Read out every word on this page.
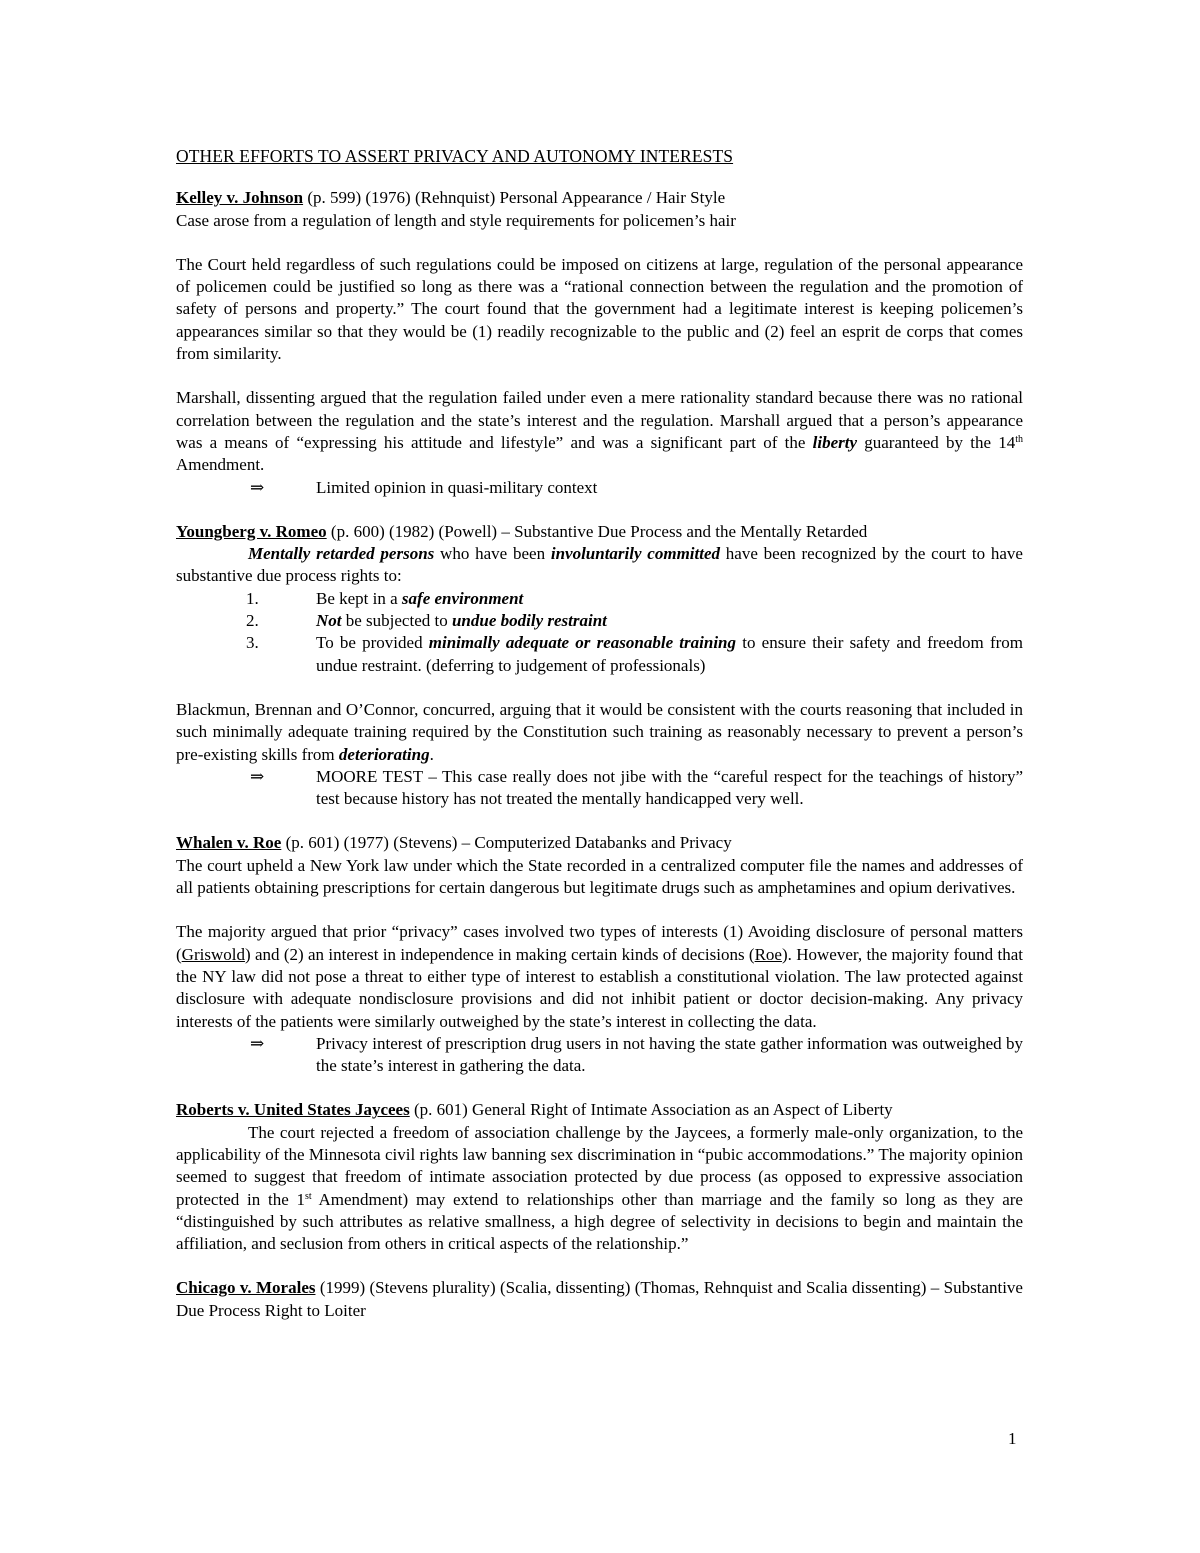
OTHER EFFORTS TO ASSERT PRIVACY AND AUTONOMY INTERESTS

Kelley v. Johnson (p. 599) (1976) (Rehnquist) Personal Appearance / Hair Style

Case arose from a regulation of length and style requirements for policemen’s hair

The Court held regardless of such regulations could be imposed on citizens at large, regulation of the personal appearance of policemen could be justified so long as there was a “rational connection between the regulation and the promotion of safety of persons and property.” The court found that the government had a legitimate interest is keeping policemen’s appearances similar so that they would be (1) readily recognizable to the public and (2) feel an esprit de corps that comes from similarity.

Marshall, dissenting argued that the regulation failed under even a mere rationality standard because there was no rational correlation between the regulation and the state’s interest and the regulation. Marshall argued that a person’s appearance was a means of “expressing his attitude and lifestyle” and was a significant part of the liberty guaranteed by the 14th Amendment.

⇒	Limited opinion in quasi-military context

Youngberg v. Romeo (p. 600) (1982) (Powell) – Substantive Due Process and the Mentally Retarded

Mentally retarded persons who have been involuntarily committed have been recognized by the court to have substantive due process rights to:

1.	Be kept in a safe environment
2.	Not be subjected to undue bodily restraint
3.	To be provided minimally adequate or reasonable training to ensure their safety and freedom from undue restraint. (deferring to judgement of professionals)

Blackmun, Brennan and O’Connor, concurred, arguing that it would be consistent with the courts reasoning that included in such minimally adequate training required by the Constitution such training as reasonably necessary to prevent a person’s pre-existing skills from deteriorating.

⇒	MOORE TEST – This case really does not jibe with the “careful respect for the teachings of history” test because history has not treated the mentally handicapped very well.

Whalen v. Roe (p. 601) (1977) (Stevens) – Computerized Databanks and Privacy

The court upheld a New York law under which the State recorded in a centralized computer file the names and addresses of all patients obtaining prescriptions for certain dangerous but legitimate drugs such as amphetamines and opium derivatives.

The majority argued that prior “privacy” cases involved two types of interests (1) Avoiding disclosure of personal matters (Griswold) and (2) an interest in independence in making certain kinds of decisions (Roe). However, the majority found that the NY law did not pose a threat to either type of interest to establish a constitutional violation. The law protected against disclosure with adequate nondisclosure provisions and did not inhibit patient or doctor decision-making. Any privacy interests of the patients were similarly outweighed by the state’s interest in collecting the data.

⇒	Privacy interest of prescription drug users in not having the state gather information was outweighed by the state’s interest in gathering the data.

Roberts v. United States Jaycees (p. 601) General Right of Intimate Association as an Aspect of Liberty

The court rejected a freedom of association challenge by the Jaycees, a formerly male-only organization, to the applicability of the Minnesota civil rights law banning sex discrimination in “pubic accommodations.” The majority opinion seemed to suggest that freedom of intimate association protected by due process (as opposed to expressive association protected in the 1st Amendment) may extend to relationships other than marriage and the family so long as they are “distinguished by such attributes as relative smallness, a high degree of selectivity in decisions to begin and maintain the affiliation, and seclusion from others in critical aspects of the relationship.”

Chicago v. Morales (1999) (Stevens plurality) (Scalia, dissenting) (Thomas, Rehnquist and Scalia dissenting) – Substantive Due Process Right to Loiter

1
